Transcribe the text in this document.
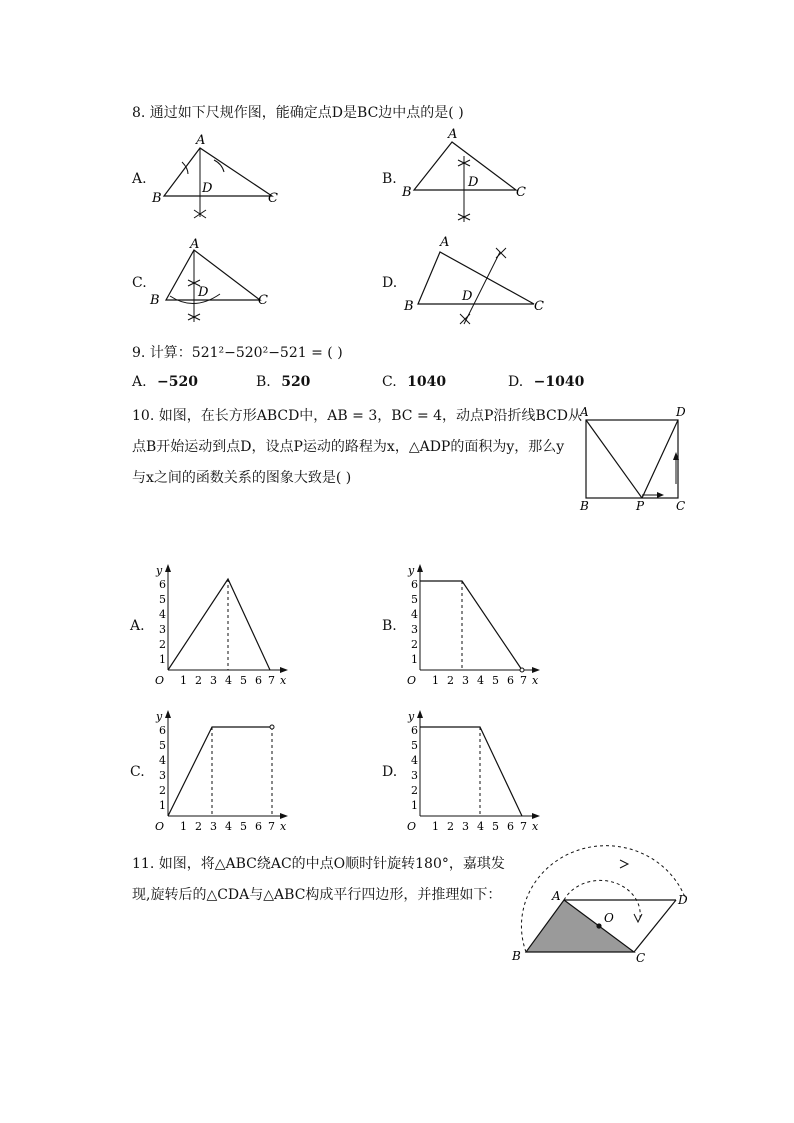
8. 通过如下尺规作图，能确定点D是BC边中点的是( )
A.
A
B	C
D
B.
A
B	C
D
C.
A
B	C
D
D.
A
B	C
D
9. 计算：521²−520²−521 = ( )
A. −520	B. 520	C. 1040	D. −1040
10. 如图，在长方形ABCD中，AB = 3，BC = 4，动点P沿折线BCD从
点B开始运动到点D，设点P运动的路程为x，△ADP的面积为y，那么y
与x之间的函数关系的图象大致是( )
A	D
B	P	C
A.	B.
C.	D.
y
x
O
1
2
3
4
5
6
1 2 3 4 5 6 7
y
x
O
1
2
3
4
5
6
1 2 3 4 5 6 7
y
x
O
1
2
3
4
5
6
1 2 3 4 5 6 7
y
x
O
1
2
3
4
5
6
1 2 3 4 5 6 7
11. 如图，将△ABC绕AC的中点O顺时针旋转180°，嘉琪发
现,旋转后的△CDA与△ABC构成平行四边形，并推理如下：	A
B	C
D
O
